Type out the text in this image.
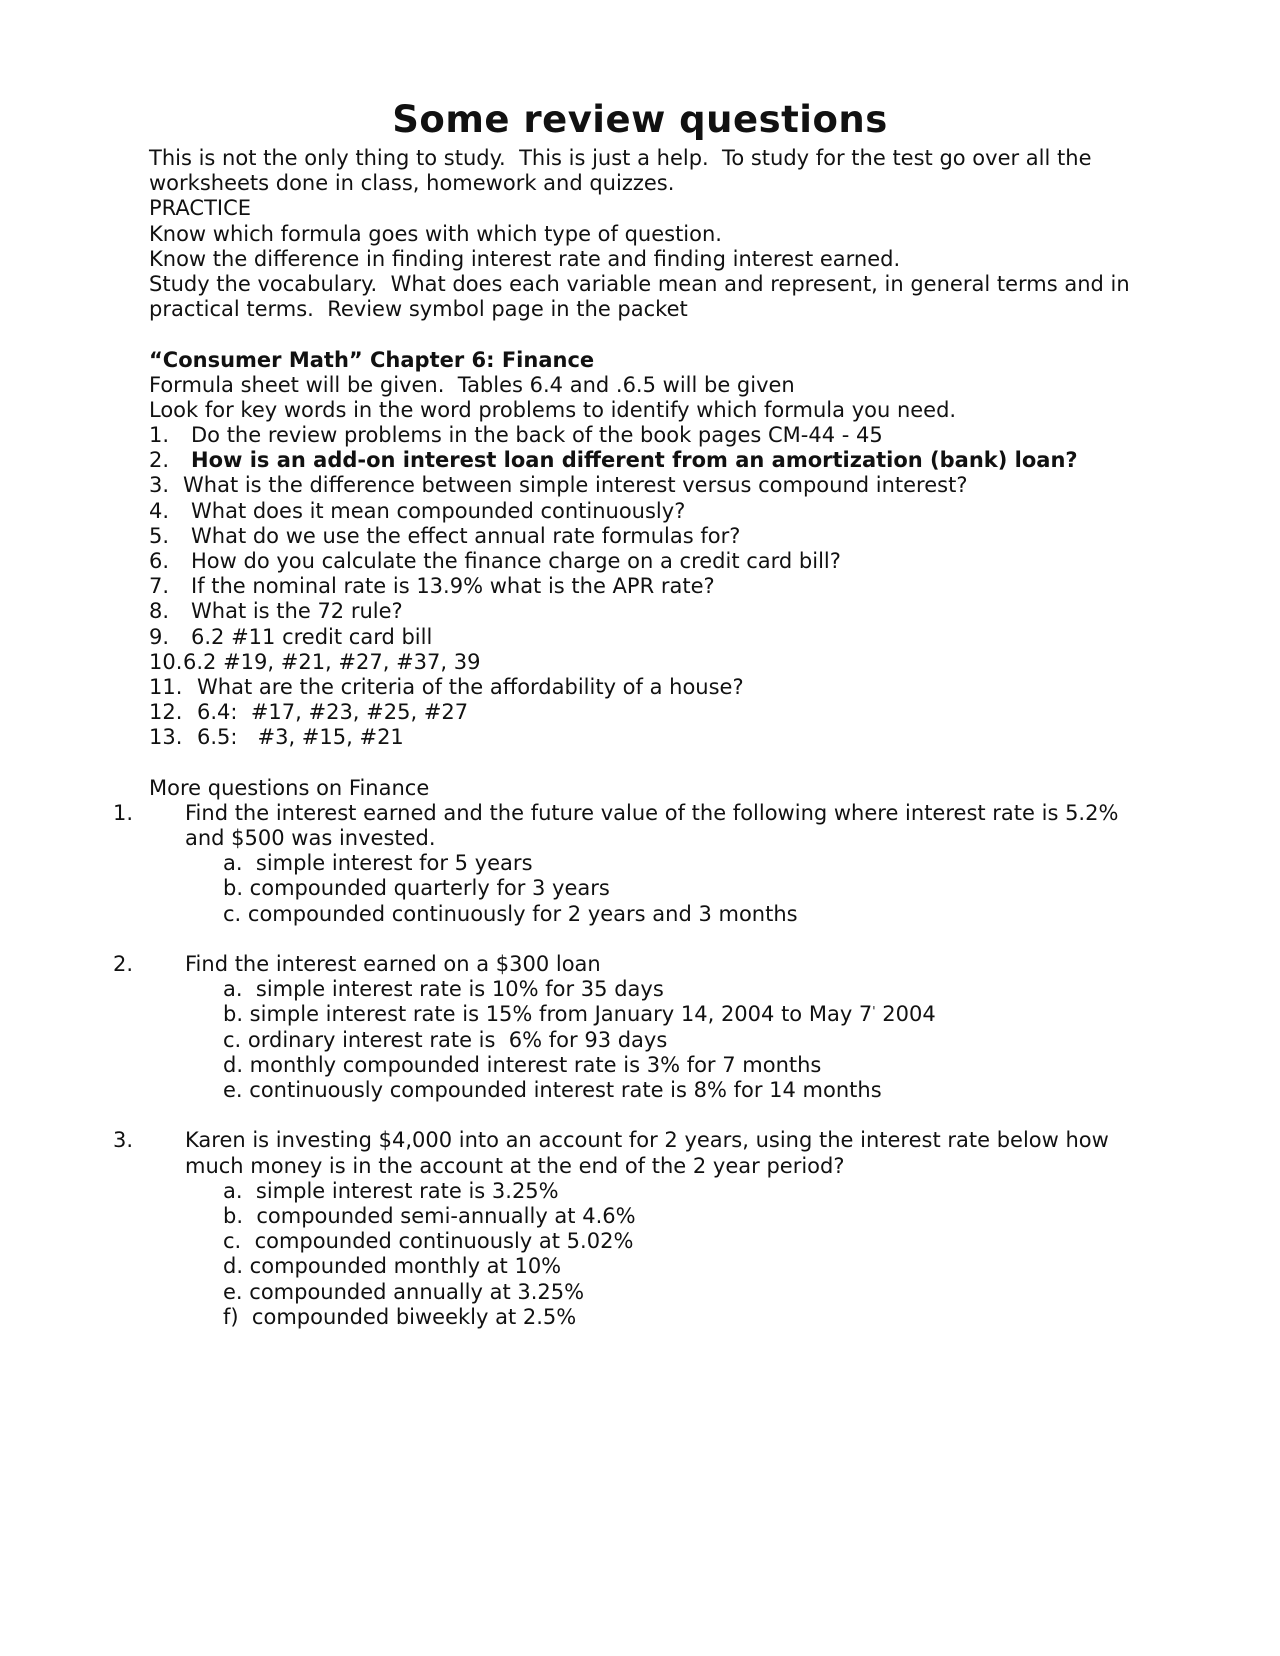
Some review questions
This is not the only thing to study.  This is just a help.  To study for the test go over all the
worksheets done in class, homework and quizzes.
PRACTICE
Know which formula goes with which type of question.
Know the difference in finding interest rate and finding interest earned.
Study the vocabulary.  What does each variable mean and represent, in general terms and in
practical terms.  Review symbol page in the packet
“Consumer Math” Chapter 6: Finance
Formula sheet will be given.  Tables 6.4 and .6.5 will be given
Look for key words in the word problems to identify which formula you need.
1. Do the review problems in the back of the book pages CM-44 - 45
2. How is an add-on interest loan different from an amortization (bank) loan?
3. What is the difference between simple interest versus compound interest?
4. What does it mean compounded continuously?
5. What do we use the effect annual rate formulas for?
6. How do you calculate the finance charge on a credit card bill?
7. If the nominal rate is 13.9% what is the APR rate?
8. What is the 72 rule?
9. 6.2 #11 credit card bill
10.6.2 #19, #21, #27, #37, 39
11. What are the criteria of the affordability of a house?
12. 6.4:  #17, #23, #25, #27
13. 6.5:   #3, #15, #21
More questions on Finance
1. Find the interest earned and the future value of the following where interest rate is 5.2% and $500 was invested.
a.  simple interest for 5 years
b. compounded quarterly for 3 years
c. compounded continuously for 2 years and 3 months
2. Find the interest earned on a $300 loan
a.  simple interest rate is 10% for 35 days
b. simple interest rate is 15% from January 14, 2004 to May 7' 2004
c. ordinary interest rate is  6% for 93 days
d. monthly compounded interest rate is 3% for 7 months
e. continuously compounded interest rate is 8% for 14 months
3. Karen is investing $4,000 into an account for 2 years, using the interest rate below how much money is in the account at the end of the 2 year period?
a.  simple interest rate is 3.25%
b.  compounded semi-annually at 4.6%
c.  compounded continuously at 5.02%
d. compounded monthly at 10%
e. compounded annually at 3.25%
f)  compounded biweekly at 2.5%
